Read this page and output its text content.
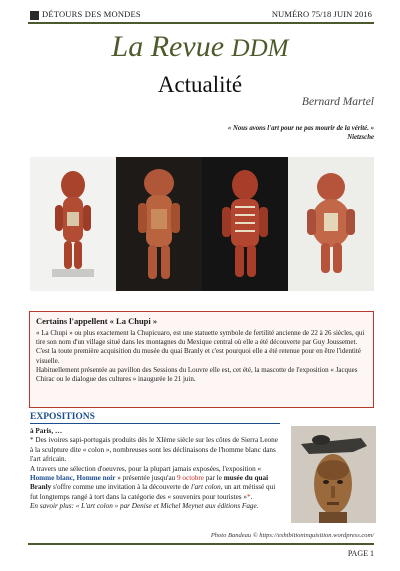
DÉTOURS DES MONDES	NUMÉRO 75/18 JUIN 2016
La Revue DDM
Actualité
Bernard Martel
« Nous avons l'art pour ne pas mourir de la vérité. »
Nietzsche
Certains l'appellent « La Chupi »

« La Chupi » ou plus exactement la Chupicuaro, est une statuette symbole de fertilité ancienne de 22 à 26 siècles, qui tire son nom d'un village situé dans les montagnes du Mexique central où elle a été découverte par Guy Joussemet.

C'est la toute première acquisition du musée du quai Branly et c'est pourquoi elle a été retenue pour en être l'identité visuelle.

Habituellement présentée au pavillon des Sessions du Louvre elle est, cet été, la mascotte de l'exposition « Jacques Chirac ou le dialogue des cultures » inaugurée le 21 juin.

EXPOSITIONS

à Paris, …

* Des ivoires sapi-portugais produits dès le XIème siècle sur les côtes de Sierra Leone à la sculpture dite « colon », nombreuses sont les déclinaisons de l'homme blanc dans l'art africain.

A travers une sélection d'oeuvres, pour la plupart jamais exposées, l'exposition « Homme blanc, Homme noir » présentée jusqu'au 9 octobre par le musée du quai Branly s'offre comme une invitation à la découverte de l'art colon, un art métissé qui fut longtemps rangé à tort dans la catégorie des « souvenirs pour touristes »*.

En savoir plus: « L'art colon » par Denise et Michel Meynet aux éditions Fage.

Photo Bandeau © https://exhibitioninquisition.wordpress.com/
PAGE 1
